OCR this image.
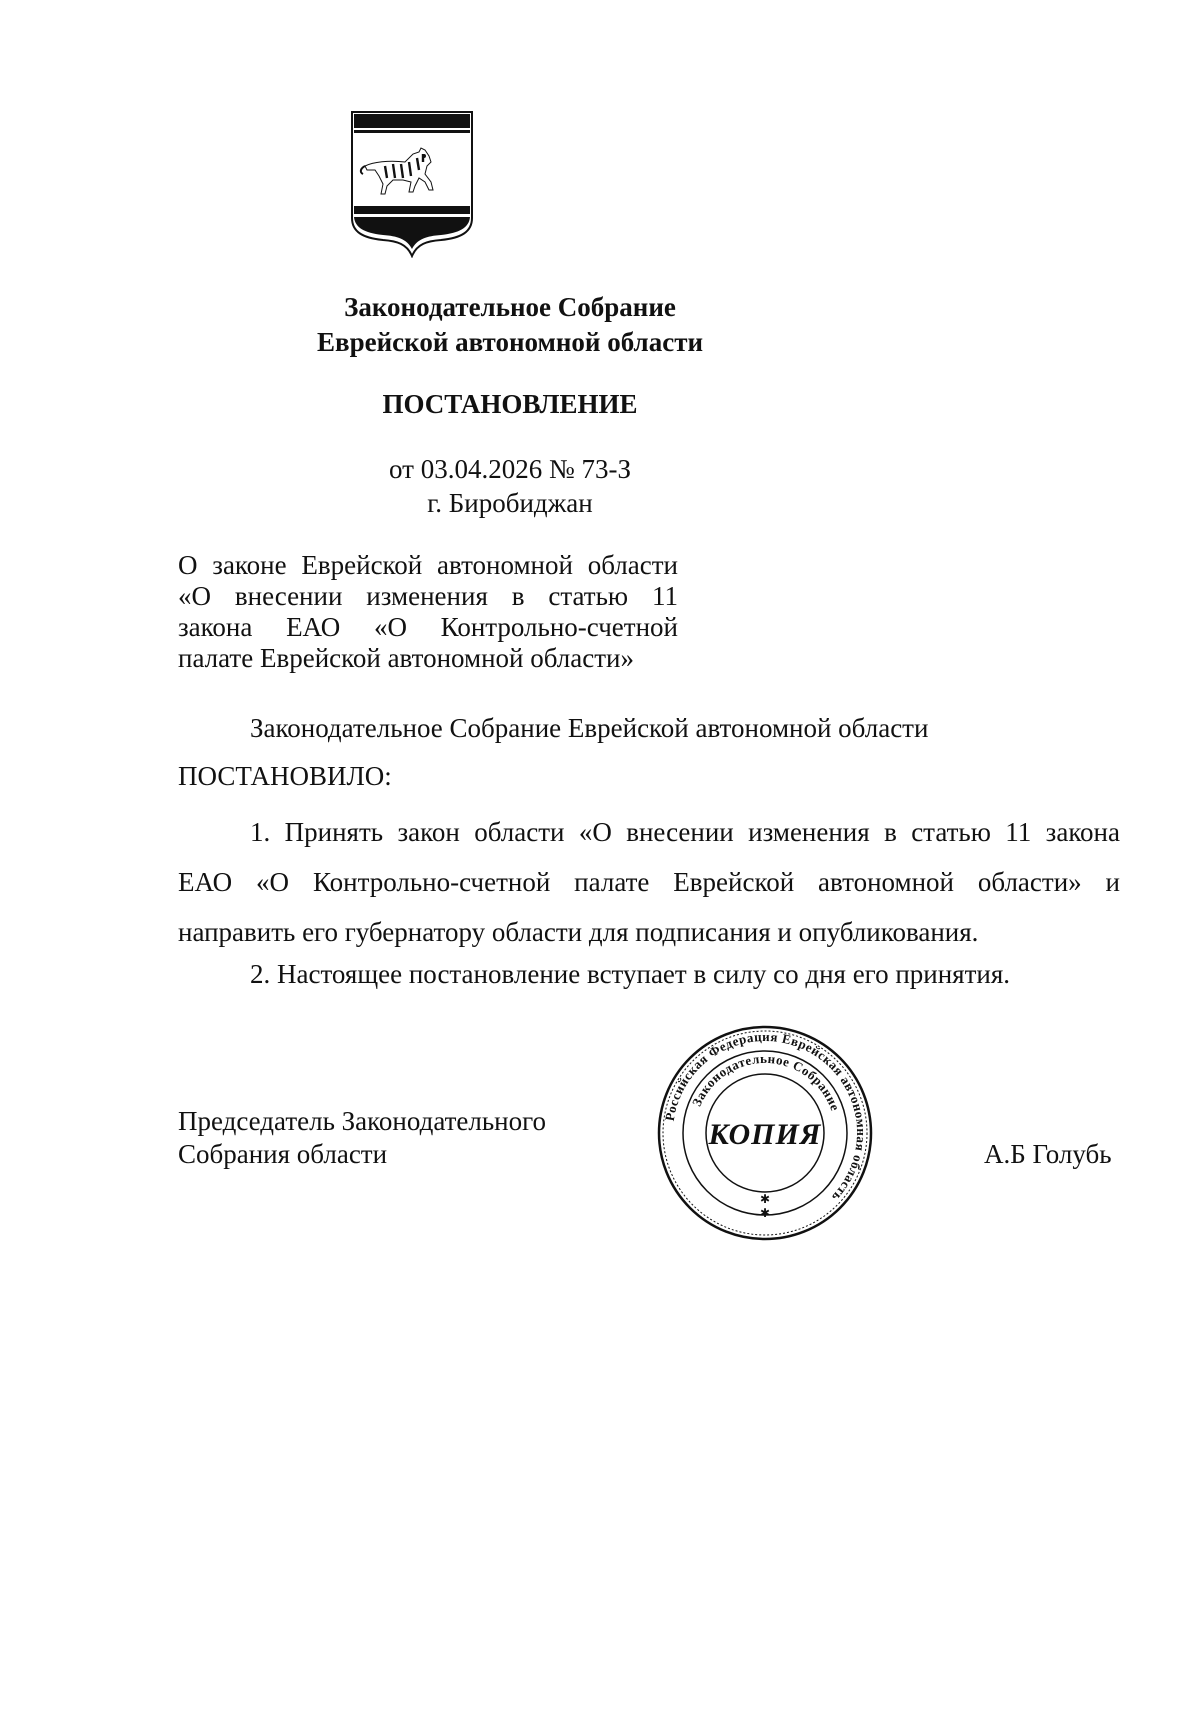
Законодательное Собрание
Еврейской автономной области
ПОСТАНОВЛЕНИЕ
от 03.04.2026 № 73-З
г. Биробиджан
О законе Еврейской автономной области
«О внесении изменения в статью 11
закона ЕАО «О Контрольно-счетной
палате Еврейской автономной области»
Законодательное Собрание Еврейской автономной области
ПОСТАНОВИЛО:
1. Принять закон области «О внесении изменения в статью 11 закона
ЕАО «О Контрольно-счетной палате Еврейской автономной области» и
направить его губернатору области для подписания и опубликования.
2. Настоящее постановление вступает в силу со дня его принятия.
Председатель Законодательного
Собрания области	А.Б Голубь
Российская Федерация Еврейская автономная область
Законодательное Собрание
✱
✱
КОПИЯ
